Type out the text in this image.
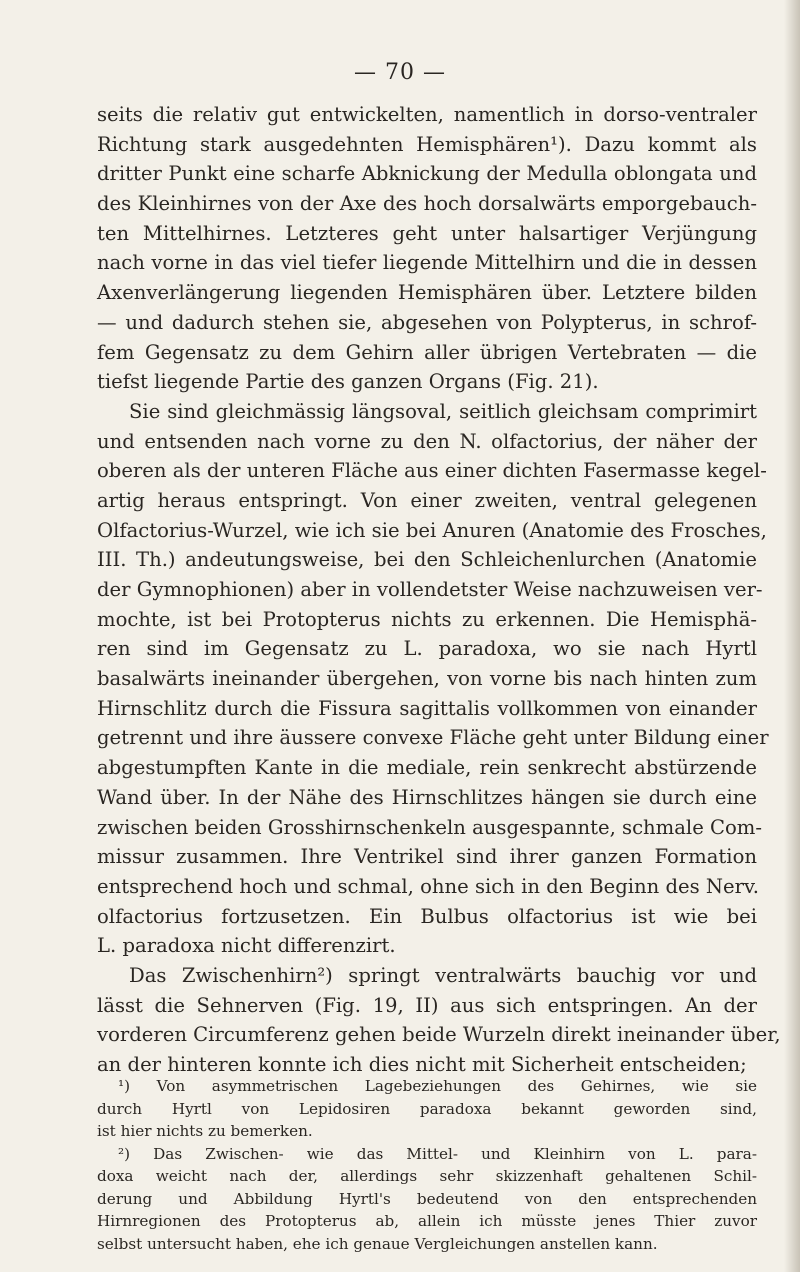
— 70 —
seits die relativ gut entwickelten, namentlich in dorso-ventraler
Richtung stark ausgedehnten Hemisphären¹). Dazu kommt als
dritter Punkt eine scharfe Abknickung der Medulla oblongata und
des Kleinhirnes von der Axe des hoch dorsalwärts emporgebauch-
ten Mittelhirnes. Letzteres geht unter halsartiger Verjüngung
nach vorne in das viel tiefer liegende Mittelhirn und die in dessen
Axenverlängerung liegenden Hemisphären über. Letztere bilden
— und dadurch stehen sie, abgesehen von Polypterus, in schrof-
fem Gegensatz zu dem Gehirn aller übrigen Vertebraten — die
tiefst liegende Partie des ganzen Organs (Fig. 21).
Sie sind gleichmässig längsoval, seitlich gleichsam comprimirt
und entsenden nach vorne zu den N. olfactorius, der näher der
oberen als der unteren Fläche aus einer dichten Fasermasse kegel-
artig heraus entspringt. Von einer zweiten, ventral gelegenen
Olfactorius-Wurzel, wie ich sie bei Anuren (Anatomie des Frosches,
III. Th.) andeutungsweise, bei den Schleichenlurchen (Anatomie
der Gymnophionen) aber in vollendetster Weise nachzuweisen ver-
mochte, ist bei Protopterus nichts zu erkennen. Die Hemisphä-
ren sind im Gegensatz zu L. paradoxa, wo sie nach Hyrtl
basalwärts ineinander übergehen, von vorne bis nach hinten zum
Hirnschlitz durch die Fissura sagittalis vollkommen von einander
getrennt und ihre äussere convexe Fläche geht unter Bildung einer
abgestumpften Kante in die mediale, rein senkrecht abstürzende
Wand über. In der Nähe des Hirnschlitzes hängen sie durch eine
zwischen beiden Grosshirnschenkeln ausgespannte, schmale Com-
missur zusammen. Ihre Ventrikel sind ihrer ganzen Formation
entsprechend hoch und schmal, ohne sich in den Beginn des Nerv.
olfactorius fortzusetzen. Ein Bulbus olfactorius ist wie bei
L. paradoxa nicht differenzirt.
Das Zwischenhirn²) springt ventralwärts bauchig vor und
lässt die Sehnerven (Fig. 19, II) aus sich entspringen. An der
vorderen Circumferenz gehen beide Wurzeln direkt ineinander über,
an der hinteren konnte ich dies nicht mit Sicherheit entscheiden;
¹) Von asymmetrischen Lagebeziehungen des Gehirnes, wie sie
durch Hyrtl von Lepidosiren paradoxa bekannt geworden sind,
ist hier nichts zu bemerken.
²) Das Zwischen- wie das Mittel- und Kleinhirn von L. para-
doxa weicht nach der, allerdings sehr skizzenhaft gehaltenen Schil-
derung und Abbildung Hyrtl's bedeutend von den entsprechenden
Hirnregionen des Protopterus ab, allein ich müsste jenes Thier zuvor
selbst untersucht haben, ehe ich genaue Vergleichungen anstellen kann.
